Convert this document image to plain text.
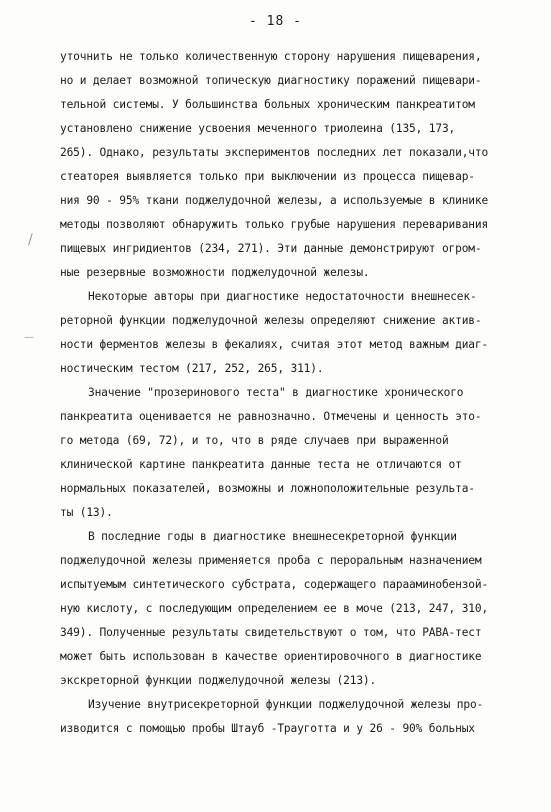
- 18 -
/
—
уточнить не только количественную сторону нарушения пищеварения,
но и делает возможной топическую диагностику поражений пищевари-
тельной системы. У большинства больных хроническим панкреатитом
установлено снижение усвоения меченного триолеина (135, 173,
265). Однако, результаты экспериментов последних лет показали,что
стеаторея выявляется только при выключении из процесса пищевар-
ния 90 - 95% ткани поджелудочной железы, а используемые в клинике
методы позволяют обнаружить только грубые нарушения переваривания
пищевых ингридиентов (234, 271). Эти данные демонстрируют огром-
ные резервные возможности поджелудочной железы.
Некоторые авторы при диагностике недостаточности внешнесек-
реторной функции поджелудочной железы определяют снижение актив-
ности ферментов железы в фекалиях, считая этот метод важным диаг-
ностическим тестом (217, 252, 265, 311).
Значение "прозеринового теста" в диагностике хронического
панкреатита оценивается не равнозначно. Отмечены и ценность это-
го метода (69, 72), и то, что в ряде случаев при выраженной
клинической картине панкреатита данные теста не отличаются от
нормальных показателей, возможны и ложноположительные результа-
ты (13).
В последние годы в диагностике внешнесекреторной функции
поджелудочной железы применяется проба с пероральным назначением
испытуемым синтетического субстрата, содержащего парааминобензой-
ную кислоту, с последующим определением ее в моче (213, 247, 310,
349). Полученные результаты свидетельствуют о том, что РАВА-тест
может быть использован в качестве ориентировочного в диагностике
экскреторной функции поджелудочной железы (213).
Изучение внутрисекреторной функции поджелудочной железы про-
изводится с помощью пробы Штауб -Трауготта и у 26 - 90% больных
